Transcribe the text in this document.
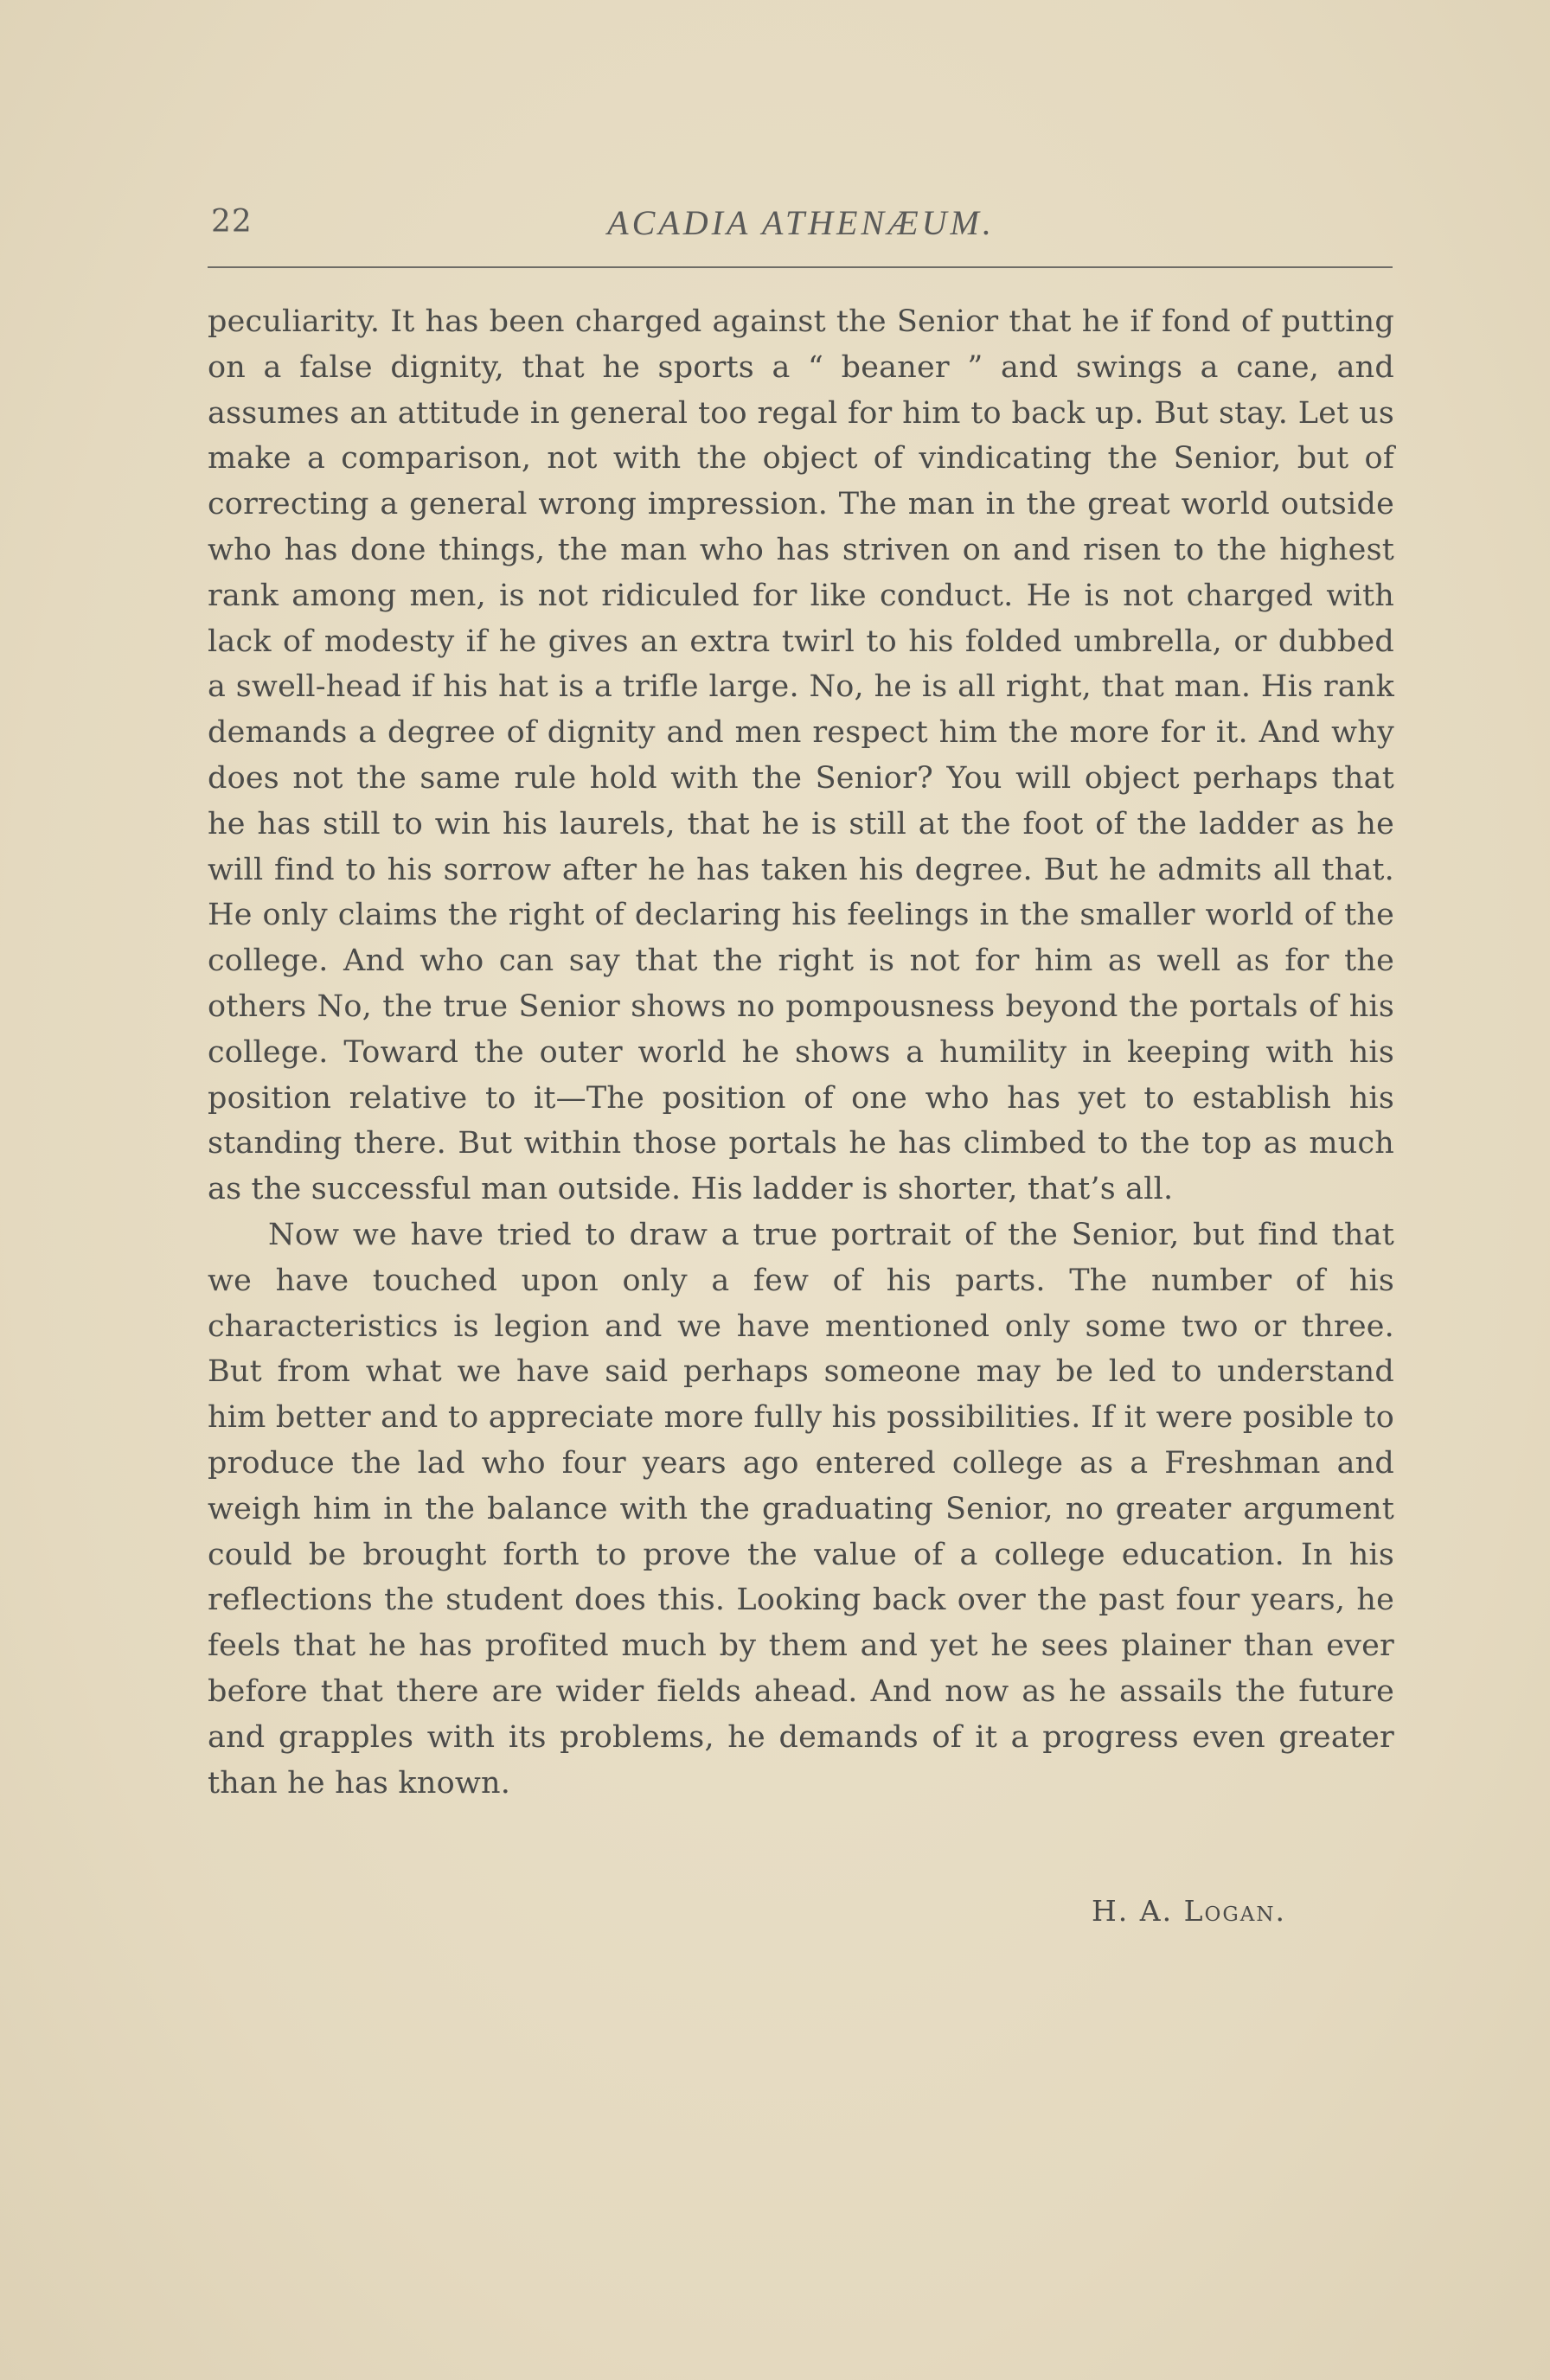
22	ACADIA ATHENÆUM.

peculiarity. It has been charged against the Senior that he if fond of putting on a false dignity, that he sports a “ beaner ” and swings a cane, and assumes an attitude in general too regal for him to back up. But stay. Let us make a comparison, not with the object of vindicating the Senior, but of correcting a general wrong impression. The man in the great world outside who has done things, the man who has striven on and risen to the highest rank among men, is not ridiculed for like conduct. He is not charged with lack of modesty if he gives an extra twirl to his folded umbrella, or dubbed a swell-head if his hat is a trifle large. No, he is all right, that man. His rank demands a degree of dignity and men respect him the more for it. And why does not the same rule hold with the Senior? You will object perhaps that he has still to win his laurels, that he is still at the foot of the ladder as he will find to his sorrow after he has taken his degree. But he admits all that. He only claims the right of declaring his feelings in the smaller world of the college. And who can say that the right is not for him as well as for the others No, the true Senior shows no pompousness beyond the portals of his college. Toward the outer world he shows a humility in keeping with his position relative to it—The position of one who has yet to establish his standing there. But within those portals he has climbed to the top as much as the successful man outside. His ladder is shorter, that’s all.

Now we have tried to draw a true portrait of the Senior, but find that we have touched upon only a few of his parts. The number of his characteristics is legion and we have mentioned only some two or three. But from what we have said perhaps someone may be led to understand him better and to appreciate more fully his possibilities. If it were posible to produce the lad who four years ago entered college as a Freshman and weigh him in the balance with the graduating Senior, no greater argument could be brought forth to prove the value of a college education. In his reflections the student does this. Looking back over the past four years, he feels that he has profited much by them and yet he sees plainer than ever before that there are wider fields ahead. And now as he assails the future and grapples with its problems, he demands of it a progress even greater than he has known.

H. A. Logan.
